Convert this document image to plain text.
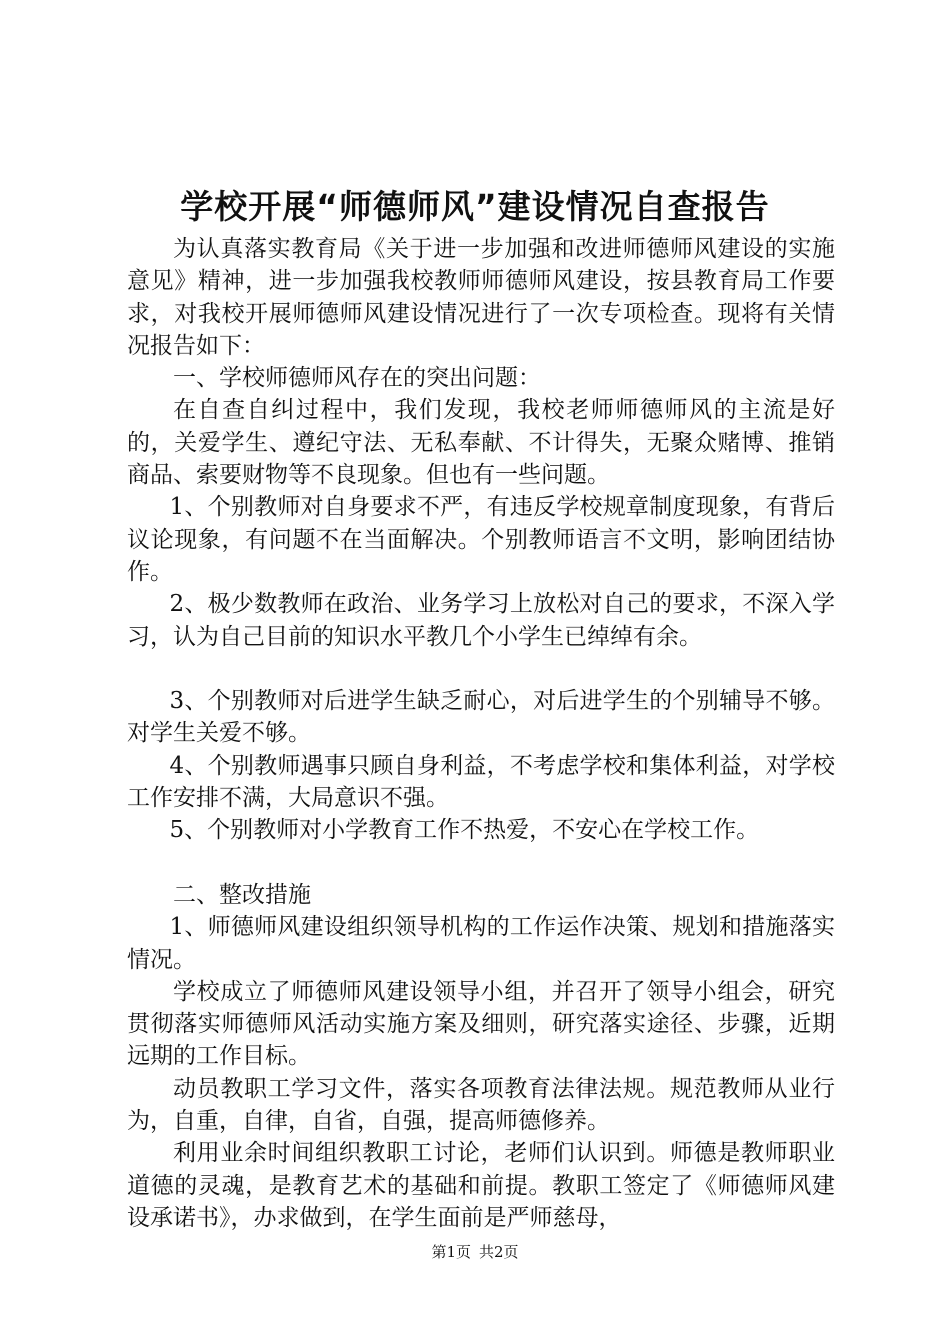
学校开展“师德师风”建设情况自查报告

为认真落实教育局《关于进一步加强和改进师德师风建设的实施意见》精神，进一步加强我校教师师德师风建设，按县教育局工作要求，对我校开展师德师风建设情况进行了一次专项检查。现将有关情况报告如下：

一、学校师德师风存在的突出问题：

在自查自纠过程中，我们发现，我校老师师德师风的主流是好的，关爱学生、遵纪守法、无私奉献、不计得失，无聚众赌博、推销商品、索要财物等不良现象。但也有一些问题。

1、个别教师对自身要求不严，有违反学校规章制度现象，有背后议论现象，有问题不在当面解决。个别教师语言不文明，影响团结协作。

2、极少数教师在政治、业务学习上放松对自己的要求，不深入学习，认为自己目前的知识水平教几个小学生已绰绰有余。

3、个别教师对后进学生缺乏耐心，对后进学生的个别辅导不够。对学生关爱不够。

4、个别教师遇事只顾自身利益，不考虑学校和集体利益，对学校工作安排不满，大局意识不强。

5、个别教师对小学教育工作不热爱，不安心在学校工作。

二、整改措施

1、师德师风建设组织领导机构的工作运作决策、规划和措施落实情况。

学校成立了师德师风建设领导小组，并召开了领导小组会，研究贯彻落实师德师风活动实施方案及细则，研究落实途径、步骤，近期远期的工作目标。

动员教职工学习文件，落实各项教育法律法规。规范教师从业行为，自重，自律，自省，自强，提高师德修养。

利用业余时间组织教职工讨论，老师们认识到。师德是教师职业道德的灵魂，是教育艺术的基础和前提。教职工签定了《师德师风建设承诺书》，办求做到，在学生面前是严师慈母，

第1页 共2页
